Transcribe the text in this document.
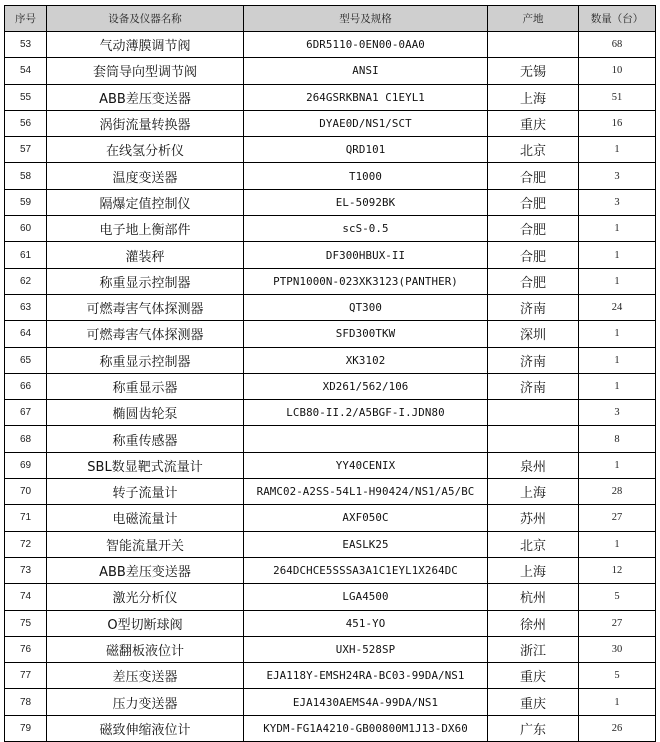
序号	设备及仪器名称	型号及规格	产地	数量（台）
53	气动薄膜调节阀	6DR5110-0EN00-0AA0		68
54	套筒导向型调节阀	ANSI	无锡	10
55	ABB差压变送器	264GSRKBNA1 C1EYL1	上海	51
56	涡街流量转换器	DYAE0D/NS1/SCT	重庆	16
57	在线氢分析仪	QRD101	北京	1
58	温度变送器	T1000	合肥	3
59	隔爆定值控制仪	EL-5092BK	合肥	3
60	电子地上衡部件	scS-0.5	合肥	1
61	灌装秤	DF300HBUX-II	合肥	1
62	称重显示控制器	PTPN1000N-023XK3123(PANTHER)	合肥	1
63	可燃毒害气体探测器	QT300	济南	24
64	可燃毒害气体探测器	SFD300TKW	深圳	1
65	称重显示控制器	XK3102	济南	1
66	称重显示器	XD261/562/106	济南	1
67	椭圆齿轮泵	LCB80-II.2/A5BGF-I.JDN80		3
68	称重传感器			8
69	SBL数显靶式流量计	YY40CENIX	泉州	1
70	转子流量计	RAMC02-A2SS-54L1-H90424/NS1/A5/BC	上海	28
71	电磁流量计	AXF050C	苏州	27
72	智能流量开关	EASLK25	北京	1
73	ABB差压变送器	264DCHCE5SSSA3A1C1EYL1X264DC	上海	12
74	激光分析仪	LGA4500	杭州	5
75	O型切断球阀	451-YO	徐州	27
76	磁翻板液位计	UXH-528SP	浙江	30
77	差压变送器	EJA118Y-EMSH24RA-BC03-99DA/NS1	重庆	5
78	压力变送器	EJA1430AEMS4A-99DA/NS1	重庆	1
79	磁致伸缩液位计	KYDM-FG1A4210-GB00800M1J13-DX60	广东	26
